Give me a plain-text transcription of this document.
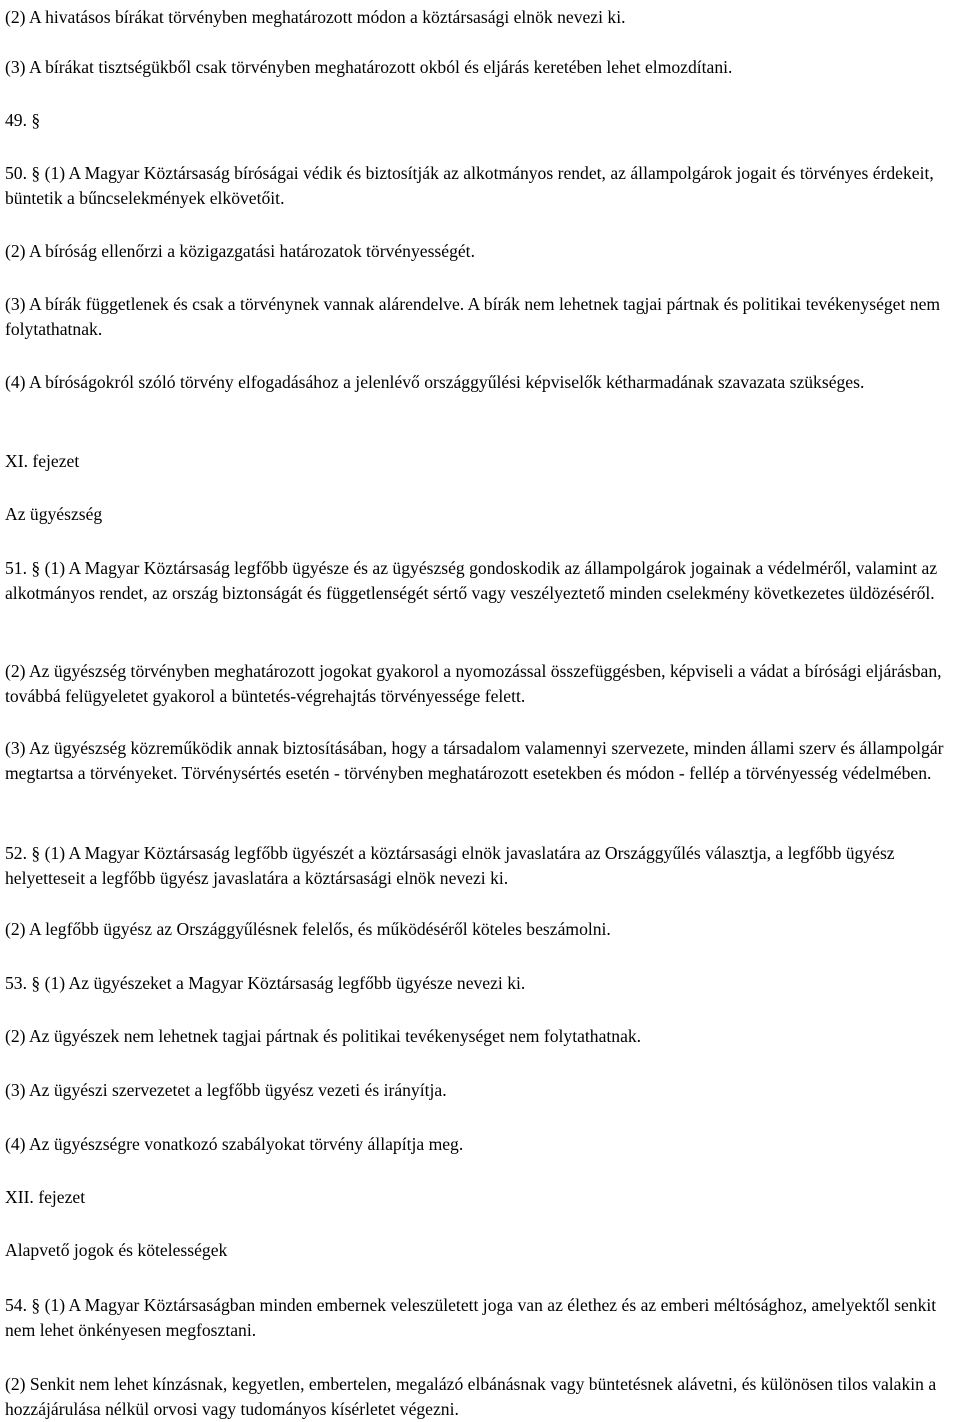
(2) A hivatásos bírákat törvényben meghatározott módon a köztársasági elnök nevezi ki.

(3) A bírákat tisztségükből csak törvényben meghatározott okból és eljárás keretében lehet elmozdítani.

49. §

50. § (1) A Magyar Köztársaság bíróságai védik és biztosítják az alkotmányos rendet, az állampolgárok jogait és törvényes érdekeit, büntetik a bűncselekmények elkövetőit.

(2) A bíróság ellenőrzi a közigazgatási határozatok törvényességét.

(3) A bírák függetlenek és csak a törvénynek vannak alárendelve. A bírák nem lehetnek tagjai pártnak és politikai tevékenységet nem folytathatnak.

(4) A bíróságokról szóló törvény elfogadásához a jelenlévő országgyűlési képviselők kétharmadának szavazata szükséges.

XI. fejezet

Az ügyészség

51. § (1) A Magyar Köztársaság legfőbb ügyésze és az ügyészség gondoskodik az állampolgárok jogainak a védelméről, valamint az alkotmányos rendet, az ország biztonságát és függetlenségét sértő vagy veszélyeztető minden cselekmény következetes üldözéséről.

(2) Az ügyészség törvényben meghatározott jogokat gyakorol a nyomozással összefüggésben, képviseli a vádat a bírósági eljárásban, továbbá felügyeletet gyakorol a büntetés-végrehajtás törvényessége felett.

(3) Az ügyészség közreműködik annak biztosításában, hogy a társadalom valamennyi szervezete, minden állami szerv és állampolgár megtartsa a törvényeket. Törvénysértés esetén - törvényben meghatározott esetekben és módon - fellép a törvényesség védelmében.

52. § (1) A Magyar Köztársaság legfőbb ügyészét a köztársasági elnök javaslatára az Országgyűlés választja, a legfőbb ügyész helyetteseit a legfőbb ügyész javaslatára a köztársasági elnök nevezi ki.

(2) A legfőbb ügyész az Országgyűlésnek felelős, és működéséről köteles beszámolni.

53. § (1) Az ügyészeket a Magyar Köztársaság legfőbb ügyésze nevezi ki.

(2) Az ügyészek nem lehetnek tagjai pártnak és politikai tevékenységet nem folytathatnak.

(3) Az ügyészi szervezetet a legfőbb ügyész vezeti és irányítja.

(4) Az ügyészségre vonatkozó szabályokat törvény állapítja meg.

XII. fejezet

Alapvető jogok és kötelességek

54. § (1) A Magyar Köztársaságban minden embernek veleszületett joga van az élethez és az emberi méltósághoz, amelyektől senkit nem lehet önkényesen megfosztani.

(2) Senkit nem lehet kínzásnak, kegyetlen, embertelen, megalázó elbánásnak vagy büntetésnek alávetni, és különösen tilos valakin a hozzájárulása nélkül orvosi vagy tudományos kísérletet végezni.
